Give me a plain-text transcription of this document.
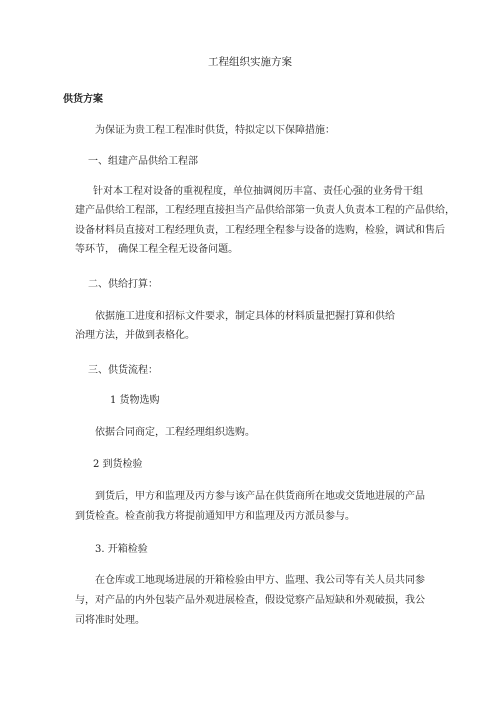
工程组织实施方案
供货方案
为保证为贵工程工程准时供货，特拟定以下保障措施：
一、组建产品供给工程部
针对本工程对设备的重视程度，单位抽调阅历丰富、责任心强的业务骨干组
建产品供给工程部，工程经理直接担当产品供给部第一负责人负责本工程的产品供给，
设备材料员直接对工程经理负责，工程经理全程参与设备的选购，检验，调试和售后
等环节， 确保工程全程无设备问题。
二、供给打算：
依据施工进度和招标文件要求，制定具体的材料质量把握打算和供给
治理方法，并做到表格化。
三、供货流程：
1 货物选购
依据合同商定，工程经理组织选购。
2 到货检验
到货后，甲方和监理及丙方参与该产品在供货商所在地或交货地进展的产品
到货检查。检查前我方将提前通知甲方和监理及丙方派员参与。
3. 开箱检验
在仓库或工地现场进展的开箱检验由甲方、监理、我公司等有关人员共同参
与，对产品的内外包装产品外观进展检查，假设觉察产品短缺和外观破损，我公
司将准时处理。
